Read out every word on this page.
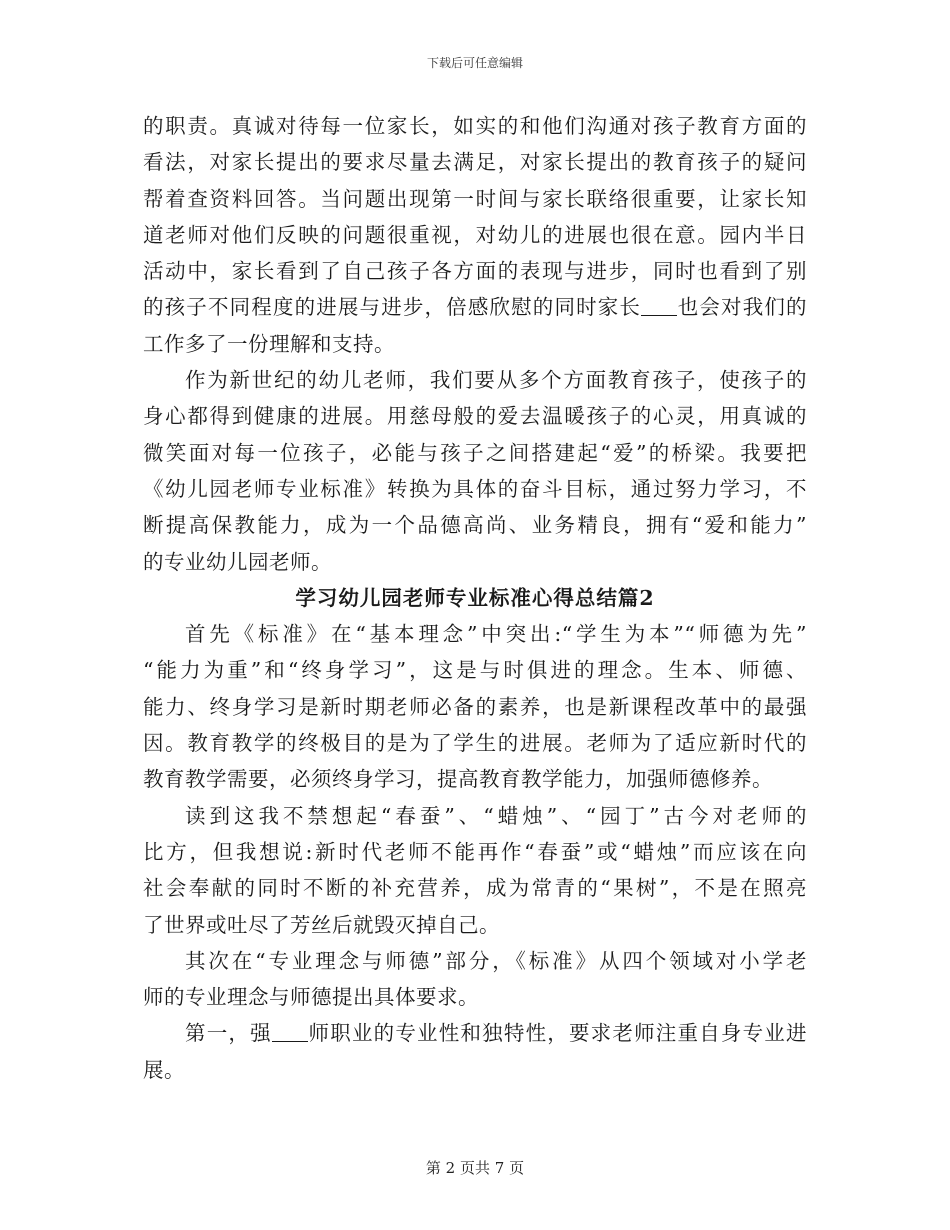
下载后可任意编辑
的职责。真诚对待每一位家长，如实的和他们沟通对孩子教育方面的
看法，对家长提出的要求尽量去满足，对家长提出的教育孩子的疑问
帮着查资料回答。当问题出现第一时间与家长联络很重要，让家长知
道老师对他们反映的问题很重视，对幼儿的进展也很在意。园内半日
活动中，家长看到了自己孩子各方面的表现与进步，同时也看到了别
的孩子不同程度的进展与进步，倍感欣慰的同时家长 也会对我们的
工作多了一份理解和支持。
作为新世纪的幼儿老师，我们要从多个方面教育孩子，使孩子的
身心都得到健康的进展。用慈母般的爱去温暖孩子的心灵，用真诚的
微笑面对每一位孩子，必能与孩子之间搭建起“爱”的桥梁。我要把
《幼儿园老师专业标准》转换为具体的奋斗目标，通过努力学习，不
断提高保教能力，成为一个品德高尚、业务精良，拥有“爱和能力”
的专业幼儿园老师。
学习幼儿园老师专业标准心得总结篇2
首先《标准》在“基本理念”中突出:“学生为本”“师德为先”
“能力为重”和“终身学习”，这是与时俱进的理念。生本、师德、
能力、终身学习是新时期老师必备的素养，也是新课程改革中的最强
因。教育教学的终极目的是为了学生的进展。老师为了适应新时代的
教育教学需要，必须终身学习，提高教育教学能力，加强师德修养。
读到这我不禁想起“春蚕”、“蜡烛”、“园丁”古今对老师的
比方，但我想说:新时代老师不能再作“春蚕”或“蜡烛”而应该在向
社会奉献的同时不断的补充营养，成为常青的“果树”，不是在照亮
了世界或吐尽了芳丝后就毁灭掉自己。
其次在“专业理念与师德”部分，《标准》从四个领域对小学老
师的专业理念与师德提出具体要求。
第一，强 师职业的专业性和独特性，要求老师注重自身专业进
展。
第 2 页共 7 页
